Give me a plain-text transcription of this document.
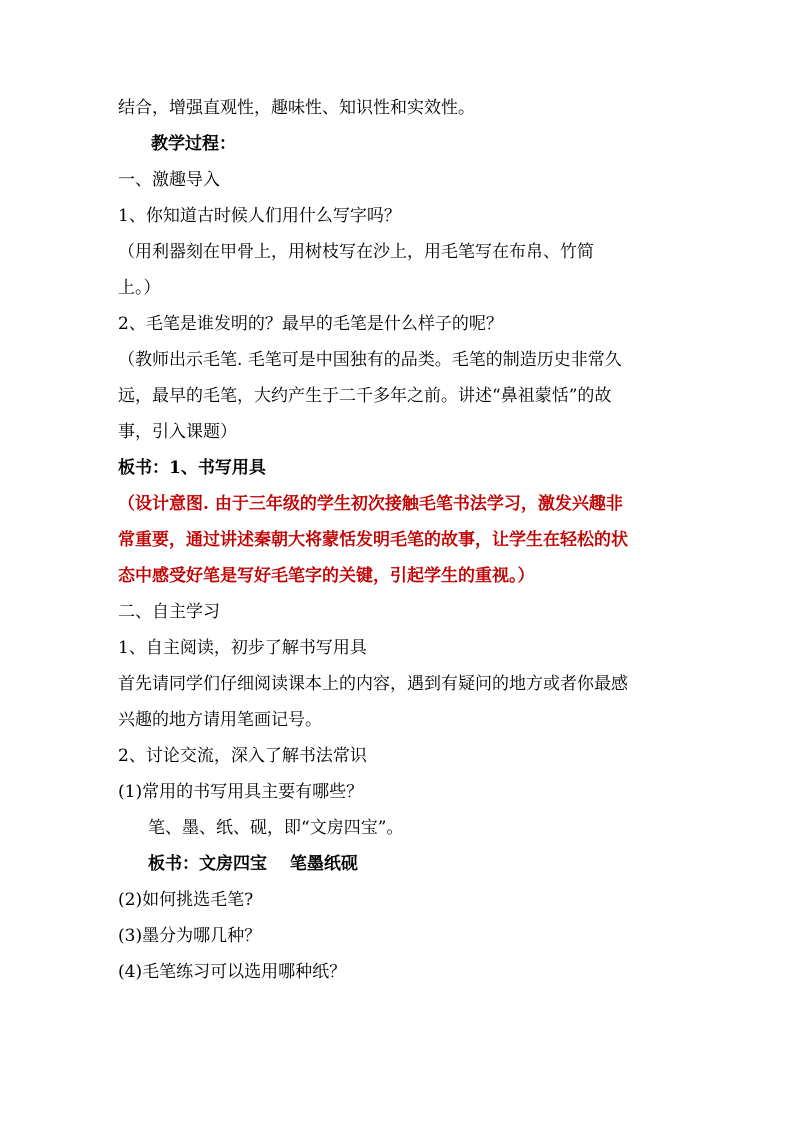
结合，增强直观性，趣味性、知识性和实效性。
教学过程：
一、激趣导入
1、你知道古时候人们用什么写字吗？
（用利器刻在甲骨上，用树枝写在沙上，用毛笔写在布帛、竹简
上。）
2、毛笔是谁发明的？最早的毛笔是什么样子的呢？
（教师出示毛笔. 毛笔可是中国独有的品类。毛笔的制造历史非常久
远，最早的毛笔，大约产生于二千多年之前。讲述“鼻祖蒙恬”的故
事，引入课题）
板书：1、书写用具
（设计意图. 由于三年级的学生初次接触毛笔书法学习，激发兴趣非
常重要，通过讲述秦朝大将蒙恬发明毛笔的故事，让学生在轻松的状
态中感受好笔是写好毛笔字的关键，引起学生的重视。）
二、自主学习
1、自主阅读，初步了解书写用具
首先请同学们仔细阅读课本上的内容，遇到有疑问的地方或者你最感
兴趣的地方请用笔画记号。
2、讨论交流，深入了解书法常识
(1)常用的书写用具主要有哪些？
笔、墨、纸、砚，即“文房四宝”。
板书：文房四宝　 笔墨纸砚
(2)如何挑选毛笔?
(3)墨分为哪几种？
(4)毛笔练习可以选用哪种纸？
